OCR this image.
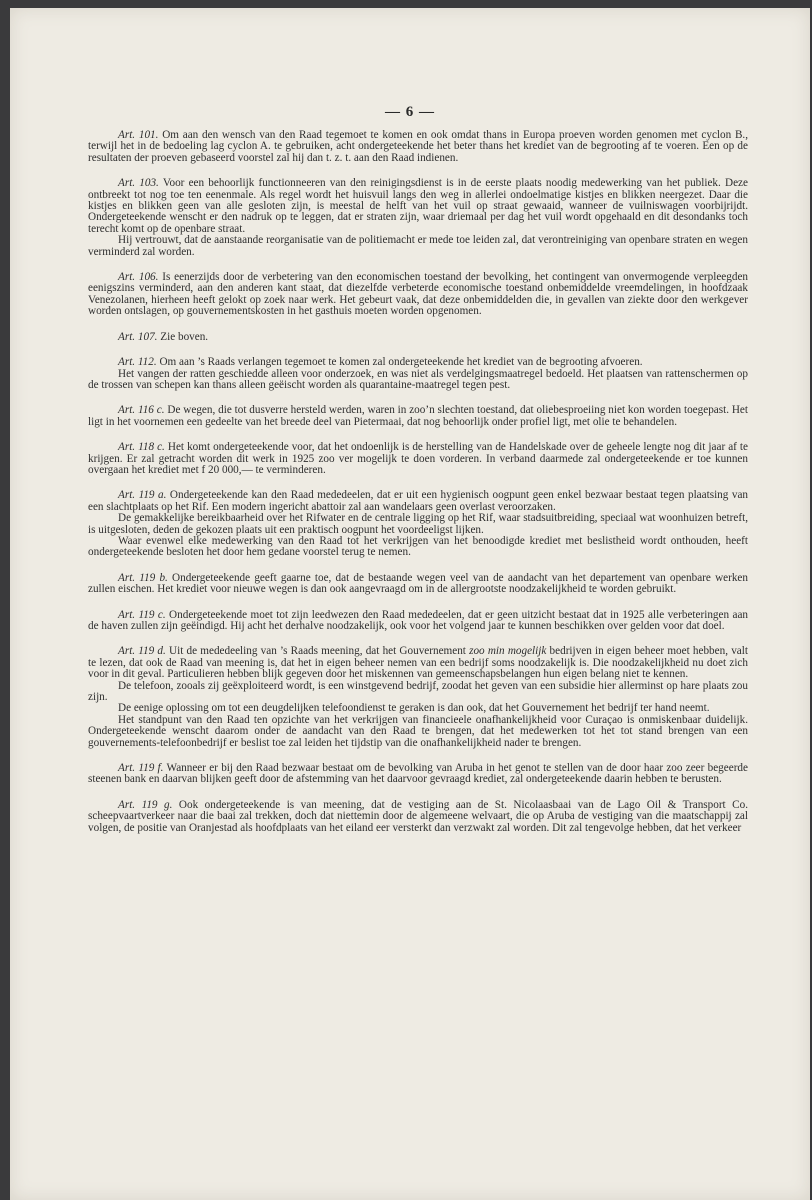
— 6 —

Art. 101. Om aan den wensch van den Raad tegemoet te komen en ook omdat thans in Europa proeven worden genomen met cyclon B., terwijl het in de bedoeling lag cyclon A. te gebruiken, acht ondergeteekende het beter thans het krediet van de begrooting af te voeren. Een op de resultaten der proeven gebaseerd voorstel zal hij dan t. z. t. aan den Raad indienen.

Art. 103. Voor een behoorlijk functionneeren van den reinigingsdienst is in de eerste plaats noodig medewerking van het publiek. Deze ontbreekt tot nog toe ten eenenmale. Als regel wordt het huisvuil langs den weg in allerlei ondoelmatige kistjes en blikken neergezet. Daar die kistjes en blikken geen van alle gesloten zijn, is meestal de helft van het vuil op straat gewaaid, wanneer de vuilniswagen voorbijrijdt. Ondergeteekende wenscht er den nadruk op te leggen, dat er straten zijn, waar driemaal per dag het vuil wordt opgehaald en dit desondanks toch terecht komt op de openbare straat.

Hij vertrouwt, dat de aanstaande reorganisatie van de politiemacht er mede toe leiden zal, dat verontreiniging van openbare straten en wegen verminderd zal worden.

Art. 106. Is eenerzijds door de verbetering van den economischen toestand der bevolking, het contingent van onvermogende verpleegden eenigszins verminderd, aan den anderen kant staat, dat diezelfde verbeterde economische toestand onbemiddelde vreemdelingen, in hoofdzaak Venezolanen, hierheen heeft gelokt op zoek naar werk. Het gebeurt vaak, dat deze onbemiddelden die, in gevallen van ziekte door den werkgever worden ontslagen, op gouvernementskosten in het gasthuis moeten worden opgenomen.

Art. 107. Zie boven.

Art. 112. Om aan ’s Raads verlangen tegemoet te komen zal ondergeteekende het krediet van de begrooting afvoeren.

Het vangen der ratten geschiedde alleen voor onderzoek, en was niet als verdelgingsmaatregel bedoeld. Het plaatsen van rattenschermen op de trossen van schepen kan thans alleen geëischt worden als quarantaine-maatregel tegen pest.

Art. 116 c. De wegen, die tot dusverre hersteld werden, waren in zoo’n slechten toestand, dat oliebesproeiing niet kon worden toegepast. Het ligt in het voornemen een gedeelte van het breede deel van Pietermaai, dat nog behoorlijk onder profiel ligt, met olie te behandelen.

Art. 118 c. Het komt ondergeteekende voor, dat het ondoenlijk is de herstelling van de Handelskade over de geheele lengte nog dit jaar af te krijgen. Er zal getracht worden dit werk in 1925 zoo ver mogelijk te doen vorderen. In verband daarmede zal ondergeteekende er toe kunnen overgaan het krediet met f 20 000,— te verminderen.

Art. 119 a. Ondergeteekende kan den Raad mededeelen, dat er uit een hygienisch oogpunt geen enkel bezwaar bestaat tegen plaatsing van een slachtplaats op het Rif. Een modern ingericht abattoir zal aan wandelaars geen overlast veroorzaken.

De gemakkelijke bereikbaarheid over het Rifwater en de centrale ligging op het Rif, waar stadsuitbreiding, speciaal wat woonhuizen betreft, is uitgesloten, deden de gekozen plaats uit een praktisch oogpunt het voordeeligst lijken.

Waar evenwel elke medewerking van den Raad tot het verkrijgen van het benoodigde krediet met beslistheid wordt onthouden, heeft ondergeteekende besloten het door hem gedane voorstel terug te nemen.

Art. 119 b. Ondergeteekende geeft gaarne toe, dat de bestaande wegen veel van de aandacht van het departement van openbare werken zullen eischen. Het krediet voor nieuwe wegen is dan ook aangevraagd om in de allergrootste noodzakelijkheid te worden gebruikt.

Art. 119 c. Ondergeteekende moet tot zijn leedwezen den Raad mededeelen, dat er geen uitzicht bestaat dat in 1925 alle verbeteringen aan de haven zullen zijn geëindigd. Hij acht het derhalve noodzakelijk, ook voor het volgend jaar te kunnen beschikken over gelden voor dat doel.

Art. 119 d. Uit de mededeeling van ’s Raads meening, dat het Gouvernement zoo min mogelijk bedrijven in eigen beheer moet hebben, valt te lezen, dat ook de Raad van meening is, dat het in eigen beheer nemen van een bedrijf soms noodzakelijk is. Die noodzakelijkheid nu doet zich voor in dit geval. Particulieren hebben blijk gegeven door het miskennen van gemeenschapsbelangen hun eigen belang niet te kennen.

De telefoon, zooals zij geëxploiteerd wordt, is een winstgevend bedrijf, zoodat het geven van een subsidie hier allerminst op hare plaats zou zijn.

De eenige oplossing om tot een deugdelijken telefoondienst te geraken is dan ook, dat het Gouvernement het bedrijf ter hand neemt.

Het standpunt van den Raad ten opzichte van het verkrijgen van financieele onafhankelijkheid voor Curaçao is onmiskenbaar duidelijk. Ondergeteekende wenscht daarom onder de aandacht van den Raad te brengen, dat het medewerken tot het tot stand brengen van een gouvernements-telefoonbedrijf er beslist toe zal leiden het tijdstip van die onafhankelijkheid nader te brengen.

Art. 119 f. Wanneer er bij den Raad bezwaar bestaat om de bevolking van Aruba in het genot te stellen van de door haar zoo zeer begeerde steenen bank en daarvan blijken geeft door de afstemming van het daarvoor gevraagd krediet, zal ondergeteekende daarin hebben te berusten.

Art. 119 g. Ook ondergeteekende is van meening, dat de vestiging aan de St. Nicolaasbaai van de Lago Oil & Transport Co. scheepvaartverkeer naar die baai zal trekken, doch dat niettemin door de algemeene welvaart, die op Aruba de vestiging van die maatschappij zal volgen, de positie van Oranjestad als hoofdplaats van het eiland eer versterkt dan verzwakt zal worden. Dit zal tengevolge hebben, dat het verkeer
